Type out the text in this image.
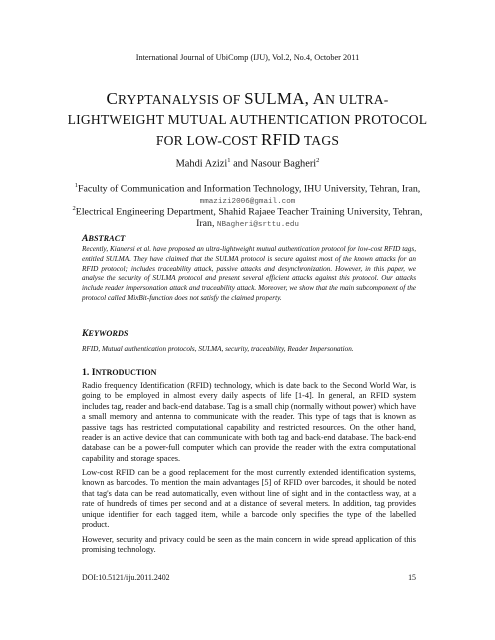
International Journal of UbiComp (IJU), Vol.2, No.4, October 2011
CRYPTANALYSIS OF SULMA, AN ULTRA-
LIGHTWEIGHT MUTUAL AUTHENTICATION PROTOCOL
FOR LOW-COST RFID TAGS
Mahdi Azizi$^1$ and Nasour Bagheri$^2$
$^1$Faculty of Communication and Information Technology, IHU University, Tehran, Iran,
mmazizi2006@gmail.com
$^2$Electrical Engineering Department, Shahid Rajaee Teacher Training University, Tehran, Iran, NBagheri@srttu.edu
ABSTRACT
Recently, Kianersi et al. have proposed an ultra-lightweight mutual authentication protocol for low-cost RFID tags, entitled SULMA. They have claimed that the SULMA protocol is secure against most of the known attacks for an RFID protocol; includes traceability attack, passive attacks and desynchronization. However, in this paper, we analyse the security of SULMA protocol and present several efficient attacks against this protocol. Our attacks include reader impersonation attack and traceability attack. Moreover, we show that the main subcomponent of the protocol called MixBit-function does not satisfy the claimed property.
KEYWORDS
RFID, Mutual authentication protocols, SULMA, security, traceability, Reader Impersonation.
1. INTRODUCTION
Radio frequency Identification (RFID) technology, which is date back to the Second World War, is going to be employed in almost every daily aspects of life [1-4]. In general, an RFID system includes tag, reader and back-end database. Tag is a small chip (normally without power) which have a small memory and antenna to communicate with the reader. This type of tags that is known as passive tags has restricted computational capability and restricted resources. On the other hand, reader is an active device that can communicate with both tag and back-end database. The back-end database can be a power-full computer which can provide the reader with the extra computational capability and storage spaces.
Low-cost RFID can be a good replacement for the most currently extended identification systems, known as barcodes. To mention the main advantages [5] of RFID over barcodes, it should be noted that tag's data can be read automatically, even without line of sight and in the contactless way, at a rate of hundreds of times per second and at a distance of several meters. In addition, tag provides unique identifier for each tagged item, while a barcode only specifies the type of the labelled product.
However, security and privacy could be seen as the main concern in wide spread application of this promising technology.
DOI:10.5121/iju.2011.2402	15
